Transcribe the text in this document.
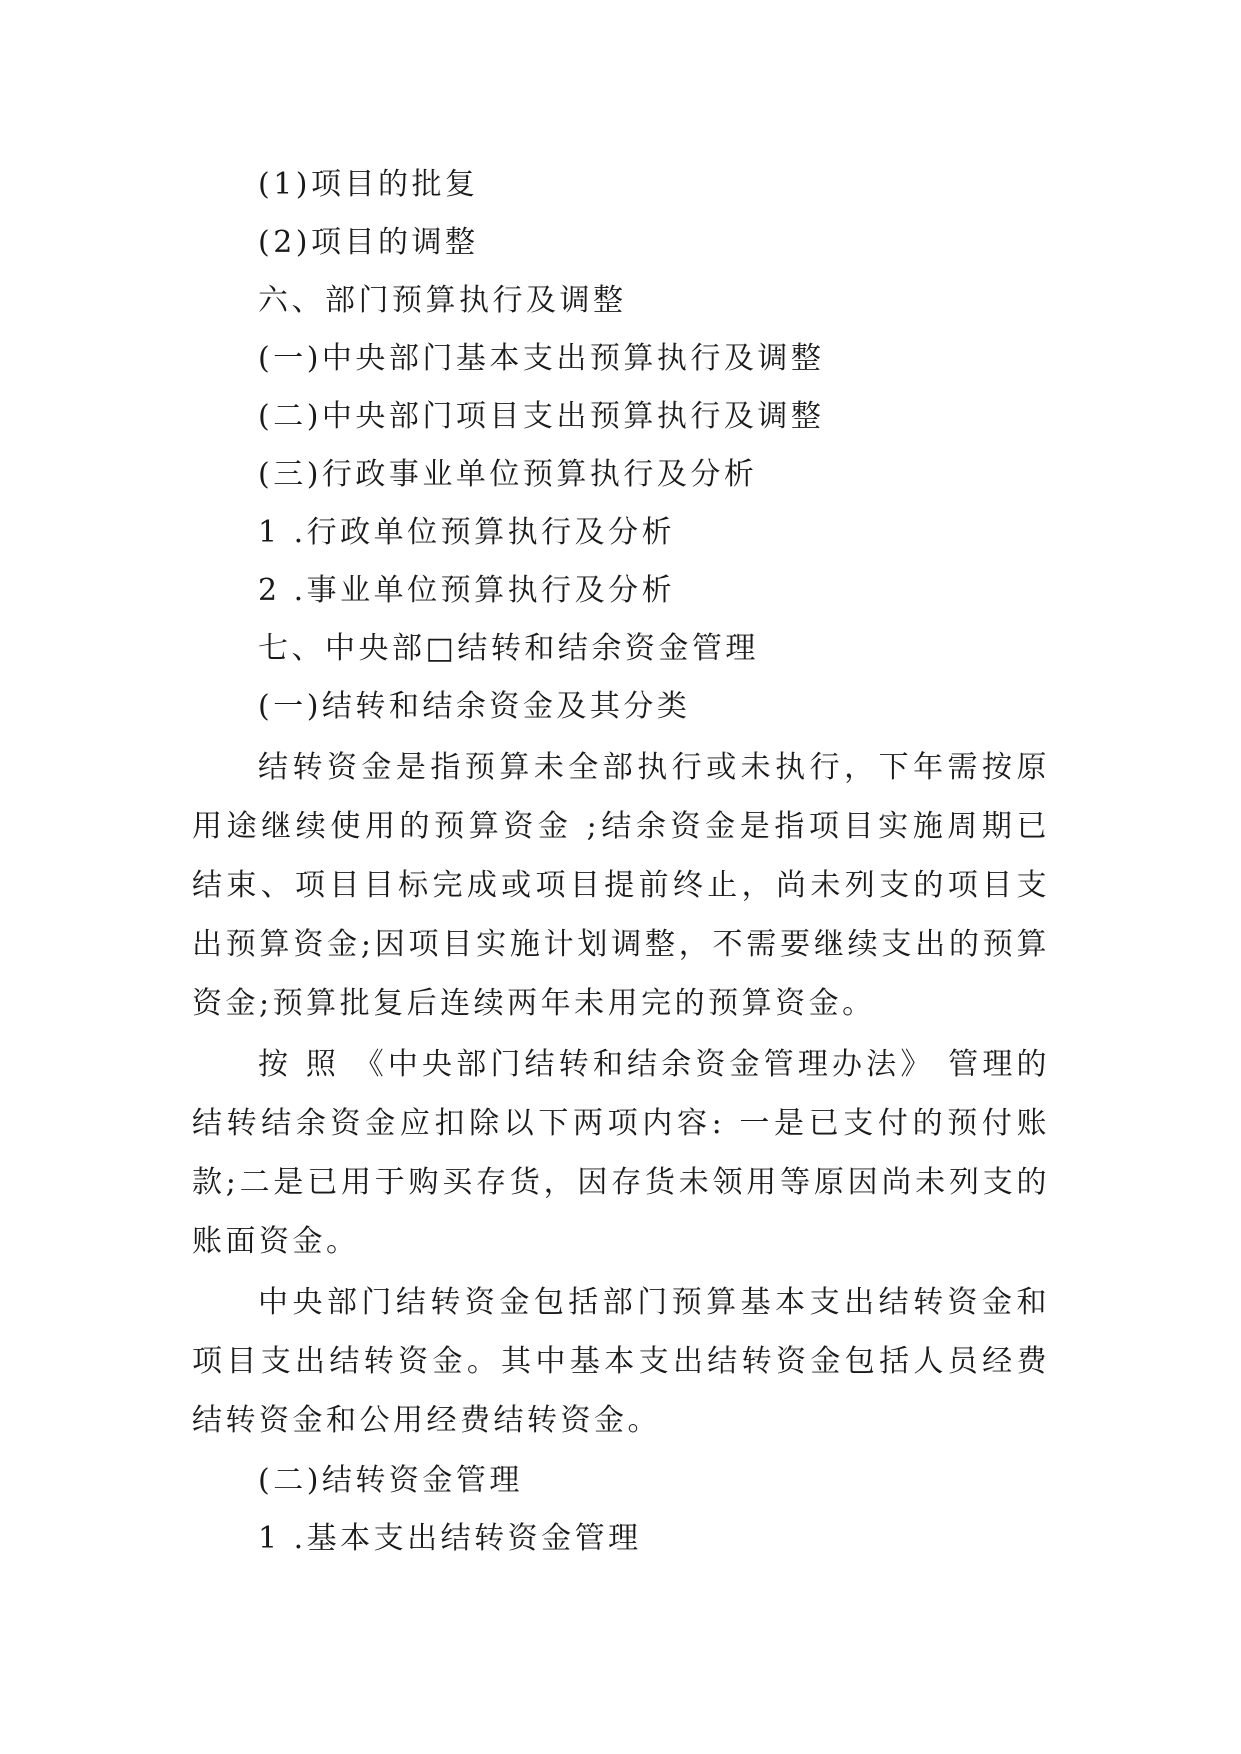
(1)项目的批复

(2)项目的调整

六、部门预算执行及调整

(一)中央部门基本支出预算执行及调整

(二)中央部门项目支出预算执行及调整

(三)行政事业单位预算执行及分析

1 .行政单位预算执行及分析

2 .事业单位预算执行及分析

七、中央部□结转和结余资金管理

(一)结转和结余资金及其分类

结转资金是指预算未全部执行或未执行，下年需按原用途继续使用的预算资金 ;结余资金是指项目实施周期已结束、项目目标完成或项目提前终止，尚未列支的项目支出预算资金;因项目实施计划调整，不需要继续支出的预算资金;预算批复后连续两年未用完的预算资金。

按 照 《中央部门结转和结余资金管理办法》 管理的结转结余资金应扣除以下两项内容: 一是已支付的预付账款;二是已用于购买存货，因存货未领用等原因尚未列支的账面资金。

中央部门结转资金包括部门预算基本支出结转资金和项目支出结转资金。其中基本支出结转资金包括人员经费结转资金和公用经费结转资金。

(二)结转资金管理

1 .基本支出结转资金管理
